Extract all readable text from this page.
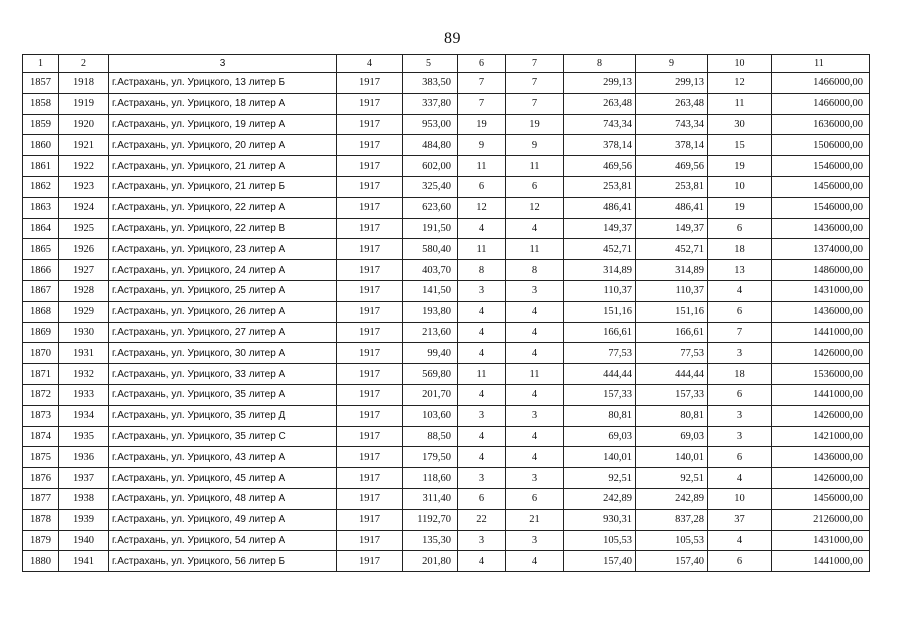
89
1	2	3	4	5	6	7	8	9	10	11
1857	1918	г.Астрахань, ул. Урицкого, 13 литер Б	1917	383,50	7	7	299,13	299,13	12	1466000,00
1858	1919	г.Астрахань, ул. Урицкого, 18 литер А	1917	337,80	7	7	263,48	263,48	11	1466000,00
1859	1920	г.Астрахань, ул. Урицкого, 19 литер А	1917	953,00	19	19	743,34	743,34	30	1636000,00
1860	1921	г.Астрахань, ул. Урицкого, 20 литер А	1917	484,80	9	9	378,14	378,14	15	1506000,00
1861	1922	г.Астрахань, ул. Урицкого, 21 литер А	1917	602,00	11	11	469,56	469,56	19	1546000,00
1862	1923	г.Астрахань, ул. Урицкого, 21 литер Б	1917	325,40	6	6	253,81	253,81	10	1456000,00
1863	1924	г.Астрахань, ул. Урицкого, 22 литер А	1917	623,60	12	12	486,41	486,41	19	1546000,00
1864	1925	г.Астрахань, ул. Урицкого, 22 литер В	1917	191,50	4	4	149,37	149,37	6	1436000,00
1865	1926	г.Астрахань, ул. Урицкого, 23 литер А	1917	580,40	11	11	452,71	452,71	18	1374000,00
1866	1927	г.Астрахань, ул. Урицкого, 24 литер А	1917	403,70	8	8	314,89	314,89	13	1486000,00
1867	1928	г.Астрахань, ул. Урицкого, 25 литер А	1917	141,50	3	3	110,37	110,37	4	1431000,00
1868	1929	г.Астрахань, ул. Урицкого, 26 литер А	1917	193,80	4	4	151,16	151,16	6	1436000,00
1869	1930	г.Астрахань, ул. Урицкого, 27 литер А	1917	213,60	4	4	166,61	166,61	7	1441000,00
1870	1931	г.Астрахань, ул. Урицкого, 30 литер А	1917	99,40	4	4	77,53	77,53	3	1426000,00
1871	1932	г.Астрахань, ул. Урицкого, 33 литер А	1917	569,80	11	11	444,44	444,44	18	1536000,00
1872	1933	г.Астрахань, ул. Урицкого, 35 литер А	1917	201,70	4	4	157,33	157,33	6	1441000,00
1873	1934	г.Астрахань, ул. Урицкого, 35 литер Д	1917	103,60	3	3	80,81	80,81	3	1426000,00
1874	1935	г.Астрахань, ул. Урицкого, 35 литер С	1917	88,50	4	4	69,03	69,03	3	1421000,00
1875	1936	г.Астрахань, ул. Урицкого, 43 литер А	1917	179,50	4	4	140,01	140,01	6	1436000,00
1876	1937	г.Астрахань, ул. Урицкого, 45 литер А	1917	118,60	3	3	92,51	92,51	4	1426000,00
1877	1938	г.Астрахань, ул. Урицкого, 48 литер А	1917	311,40	6	6	242,89	242,89	10	1456000,00
1878	1939	г.Астрахань, ул. Урицкого, 49 литер А	1917	1192,70	22	21	930,31	837,28	37	2126000,00
1879	1940	г.Астрахань, ул. Урицкого, 54 литер А	1917	135,30	3	3	105,53	105,53	4	1431000,00
1880	1941	г.Астрахань, ул. Урицкого, 56 литер Б	1917	201,80	4	4	157,40	157,40	6	1441000,00
